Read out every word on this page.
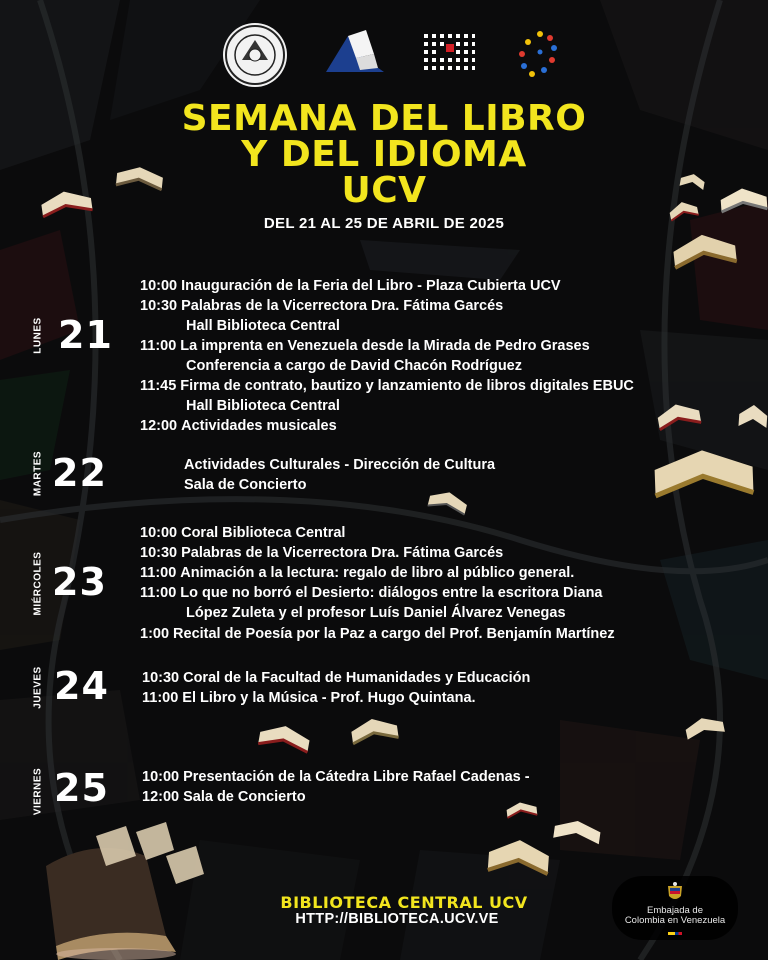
SEMANA DEL LIBRO
Y DEL IDIOMA
UCV
DEL 21 AL 25 DE ABRIL DE 2025
LUNES 21
10:00 Inauguración de la Feria del Libro - Plaza Cubierta UCV
10:30 Palabras de la Vicerrectora Dra. Fátima Garcés
Hall Biblioteca Central
11:00 La imprenta en Venezuela desde la Mirada de Pedro Grases
Conferencia a cargo de David Chacón Rodríguez
11:45 Firma de contrato, bautizo y lanzamiento de libros digitales EBUC
Hall Biblioteca Central
12:00 Actividades musicales
MARTES 22	Actividades Culturales - Dirección de Cultura
Sala de Concierto
MIÉRCOLES 23
10:00 Coral Biblioteca Central
10:30 Palabras de la Vicerrectora Dra. Fátima Garcés
11:00 Animación a la lectura: regalo de libro al público general.
11:00 Lo que no borró el Desierto: diálogos entre la escritora Diana
López Zuleta y el profesor Luís Daniel Álvarez Venegas
1:00 Recital de Poesía por la Paz a cargo del Prof. Benjamín Martínez
JUEVES 24 10:30 Coral de la Facultad de Humanidades y Educación
11:00 El Libro y la Música - Prof. Hugo Quintana.
VIERNES 25 10:00 Presentación de la Cátedra Libre Rafael Cadenas -
12:00 Sala de Concierto
BIBLIOTECA CENTRAL UCV
HTTP://BIBLIOTECA.UCV.VE
Embajada de
Colombia en Venezuela
